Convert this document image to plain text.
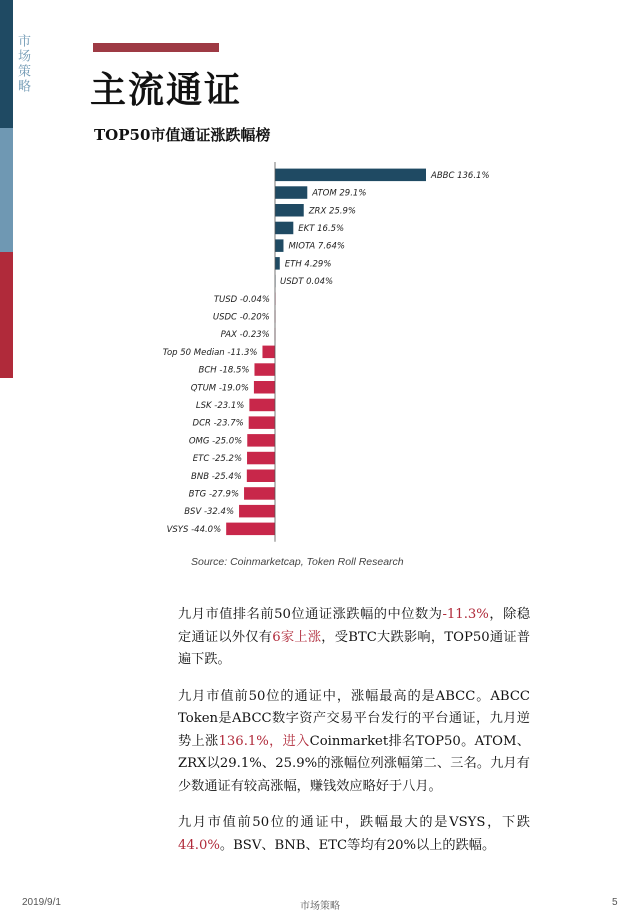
市场策略 主流通证
TOP50市值通证涨跌幅榜
ABBC 136.1%
ATOM 29.1%
ZRX 25.9%
EKT 16.5%
MIOTA 7.64%
ETH 4.29%
USDT 0.04%
TUSD -0.04%
USDC -0.20%
PAX -0.23%
Top 50 Median -11.3%
BCH -18.5%
QTUM -19.0%
LSK -23.1%
DCR -23.7%
OMG -25.0%
ETC -25.2%
BNB -25.4%
BTG -27.9%
BSV -32.4%
VSYS -44.0%
Source: Coinmarketcap, Token Roll Research

九月市值排名前50位通证涨跌幅的中位数为-11.3%，除稳定通证以外仅有6家上涨，受BTC大跌影响，TOP50通证普遍下跌。

九月市值前50位的通证中，涨幅最高的是ABCC。ABCC Token是ABCC数字资产交易平台发行的平台通证，九月逆势上涨136.1%，进入Coinmarket排名TOP50。ATOM、ZRX以29.1%、25.9%的涨幅位列涨幅第二、三名。九月有少数通证有较高涨幅，赚钱效应略好于八月。

九月市值前50位的通证中，跌幅最大的是VSYS，下跌44.0%。BSV、BNB、ETC等均有20%以上的跌幅。

2019/9/1	市场策略	5
